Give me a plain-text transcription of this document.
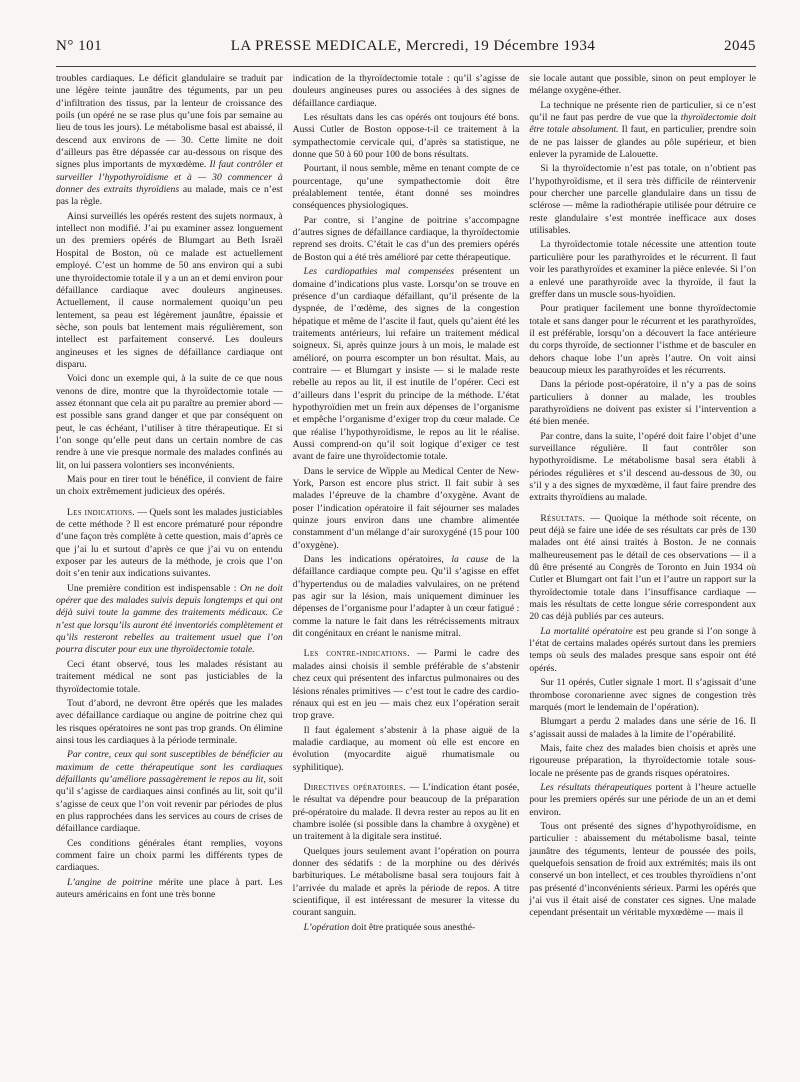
N° 101	LA PRESSE MEDICALE, Mercredi, 19 Décembre 1934	2045

troubles cardiaques. Le déficit glandulaire se traduit par une légère teinte jaunâtre des téguments, par un peu d’infiltration des tissus, par la lenteur de croissance des poils (un opéré ne se rase plus qu’une fois par semaine au lieu de tous les jours). Le métabolisme basal est abaissé, il descend aux environs de — 30. Cette limite ne doit d’ailleurs pas être dépassée car au-dessous on risque des signes plus importants de myxœdème. Il faut contrôler et surveiller l’hypothyroïdisme et à — 30 commencer à donner des extraits thyroïdiens au malade, mais ce n’est pas la règle.

Ainsi surveillés les opérés restent des sujets normaux, à intellect non modifié. J’ai pu examiner assez longuement un des premiers opérés de Blumgart au Beth Israël Hospital de Boston, où ce malade est actuellement employé. C’est un homme de 50 ans environ qui a subi une thyroïdectomie totale il y a un an et demi environ pour défaillance cardiaque avec douleurs angineuses. Actuellement, il cause normalement quoiqu’un peu lentement, sa peau est légèrement jaunâtre, épaissie et sèche, son pouls bat lentement mais régulièrement, son intellect est parfaitement conservé. Les douleurs angineuses et les signes de défaillance cardiaque ont disparu.

Voici donc un exemple qui, à la suite de ce que nous venons de dire, montre que la thyroïdectomie totale — assez étonnant que cela ait pu paraître au premier abord — est possible sans grand danger et que par conséquent on peut, le cas échéant, l’utiliser à titre thérapeutique. Et si l’on songe qu’elle peut dans un certain nombre de cas rendre à une vie presque normale des malades confinés au lit, on lui passera volontiers ses inconvénients.

Mais pour en tirer tout le bénéfice, il convient de faire un choix extrêmement judicieux des opérés.

Les indications. — Quels sont les malades justiciables de cette méthode ? Il est encore prématuré pour répondre d’une façon très complète à cette question, mais d’après ce que j’ai lu et surtout d’après ce que j’ai vu on entendu exposer par les auteurs de la méthode, je crois que l’on doit s’en tenir aux indications suivantes.

Une première condition est indispensable : On ne doit opérer que des malades suivis depuis longtemps et qui ont déjà suivi toute la gamme des traitements médicaux. Ce n’est que lorsqu’ils auront été inventoriés complètement et qu’ils resteront rebelles au traitement usuel que l’on pourra discuter pour eux une thyroïdectomie totale.

Ceci étant observé, tous les malades résistant au traitement médical ne sont pas justiciables de la thyroïdectomie totale.

Tout d’abord, ne devront être opérés que les malades avec défaillance cardiaque ou angine de poitrine chez qui les risques opératoires ne sont pas trop grands. On élimine ainsi tous les cardiaques à la période terminale.

Par contre, ceux qui sont susceptibles de bénéficier au maximum de cette thérapeutique sont les cardiaques défaillants qu’améliore passagèrement le repos au lit, soit qu’il s’agisse de cardiaques ainsi confinés au lit, soit qu’il s’agisse de ceux que l’on voit revenir par périodes de plus en plus rapprochées dans les services au cours de crises de défaillance cardiaque.

Ces conditions générales étant remplies, voyons comment faire un choix parmi les différents types de cardiaques.

L’angine de poitrine mérite une place à part. Les auteurs américains en font une très bonne

indication de la thyroïdectomie totale : qu’il s’agisse de douleurs angineuses pures ou associées à des signes de défaillance cardiaque.

Les résultats dans les cas opérés ont toujours été bons. Aussi Cutler de Boston oppose-t-il ce traitement à la sympathectomie cervicale qui, d’après sa statistique, ne donne que 50 à 60 pour 100 de bons résultats.

Pourtant, il nous semble, même en tenant compte de ce pourcentage, qu’une sympathectomie doit être préalablement tentée, étant donné ses moindres conséquences physiologiques.

Par contre, si l’angine de poitrine s’accompagne d’autres signes de défaillance cardiaque, la thyroïdectomie reprend ses droits. C’était le cas d’un des premiers opérés de Boston qui a été très amélioré par cette thérapeutique.

Les cardiopathies mal compensées présentent un domaine d’indications plus vaste. Lorsqu’on se trouve en présence d’un cardiaque défaillant, qu’il présente de la dyspnée, de l’œdème, des signes de la congestion hépatique et même de l’ascite il faut, quels qu’aient été les traitements antérieurs, lui refaire un traitement médical soigneux. Si, après quinze jours à un mois, le malade est amélioré, on pourra escompter un bon résultat. Mais, au contraire — et Blumgart y insiste — si le malade reste rebelle au repos au lit, il est inutile de l’opérer. Ceci est d’ailleurs dans l’esprit du principe de la méthode. L’état hypothyroïdien met un frein aux dépenses de l’organisme et empêche l’organisme d’exiger trop du cœur malade. Ce que réalise l’hypothyroïdisme, le repos au lit le réalise. Aussi comprend-on qu’il soit logique d’exiger ce test avant de faire une thyroïdectomie totale.

Dans le service de Wipple au Medical Center de New-York, Parson est encore plus strict. Il fait subir à ses malades l’épreuve de la chambre d’oxygène. Avant de poser l’indication opératoire il fait séjourner ses malades quinze jours environ dans une chambre alimentée constamment d’un mélange d’air suroxygéné (15 pour 100 d’oxygène).

Dans les indications opératoires, la cause de la défaillance cardiaque compte peu. Qu’il s’agisse en effet d’hypertendus ou de maladies valvulaires, on ne prétend pas agir sur la lésion, mais uniquement diminuer les dépenses de l’organisme pour l’adapter à un cœur fatigué : comme la nature le fait dans les rétrécissements mitraux dit congénitaux en créant le nanisme mitral.

Les contre-indications. — Parmi le cadre des malades ainsi choisis il semble préférable de s’abstenir chez ceux qui présentent des infarctus pulmonaires ou des lésions rénales primitives — c’est tout le cadre des cardio-rénaux qui est en jeu — mais chez eux l’opération serait trop grave.

Il faut également s’abstenir à la phase aiguë de la maladie cardiaque, au moment où elle est encore en évolution (myocardite aiguë rhumatismale ou syphilitique).

Directives opératoires. — L’indication étant posée, le résultat va dépendre pour beaucoup de la préparation pré-opératoire du malade. Il devra rester au repos au lit en chambre isolée (si possible dans la chambre à oxygène) et un traitement à la digitale sera institué.

Quelques jours seulement avant l’opération on pourra donner des sédatifs : de la morphine ou des dérivés barbituriques. Le métabolisme basal sera toujours fait à l’arrivée du malade et après la période de repos. A titre scientifique, il est intéressant de mesurer la vitesse du courant sanguin.

L’opération doit être pratiquée sous anesthé-

sie locale autant que possible, sinon on peut employer le mélange oxygène-éther.

La technique ne présente rien de particulier, si ce n’est qu’il ne faut pas perdre de vue que la thyroïdectomie doit être totale absolument. Il faut, en particulier, prendre soin de ne pas laisser de glandes au pôle supérieur, et bien enlever la pyramide de Lalouette.

Si la thyroïdectomie n’est pas totale, on n’obtient pas l’hypothyroïdisme, et il sera très difficile de réintervenir pour chercher une parcelle glandulaire dans un tissu de sclérose — même la radiothérapie utilisée pour détruire ce reste glandulaire s’est montrée inefficace aux doses utilisables.

La thyroïdectomie totale nécessite une attention toute particulière pour les parathyroïdes et le récurrent. Il faut voir les parathyroïdes et examiner la pièce enlevée. Si l’on a enlevé une parathyroïde avec la thyroïde, il faut la greffer dans un muscle sous-hyoïdien.

Pour pratiquer facilement une bonne thyroïdectomie totale et sans danger pour le récurrent et les parathyroïdes, il est préférable, lorsqu’on a découvert la face antérieure du corps thyroïde, de sectionner l’isthme et de basculer en dehors chaque lobe l’un après l’autre. On voit ainsi beaucoup mieux les parathyroïdes et les récurrents.

Dans la période post-opératoire, il n’y a pas de soins particuliers à donner au malade, les troubles parathyroïdiens ne doivent pas exister si l’intervention a été bien menée.

Par contre, dans la suite, l’opéré doit faire l’objet d’une surveillance régulière. Il faut contrôler son hypothyroïdisme. Le métabolisme basal sera établi à périodes régulières et s’il descend au-dessous de 30, ou s’il y a des signes de myxœdème, il faut faire prendre des extraits thyroïdiens au malade.

Résultats. — Quoique la méthode soit récente, on peut déjà se faire une idée de ses résultats car près de 130 malades ont été ainsi traités à Boston. Je ne connais malheureusement pas le détail de ces observations — il a dû être présenté au Congrès de Toronto en Juin 1934 où Cutler et Blumgart ont fait l’un et l’autre un rapport sur la thyroïdectomie totale dans l’insuffisance cardiaque — mais les résultats de cette longue série correspondent aux 20 cas déjà publiés par ces auteurs.

La mortalité opératoire est peu grande si l’on songe à l’état de certains malades opérés surtout dans les premiers temps où seuls des malades presque sans espoir ont été opérés.

Sur 11 opérés, Cutler signale 1 mort. Il s’agissait d’une thrombose coronarienne avec signes de congestion très marqués (mort le lendemain de l’opération).

Blumgart a perdu 2 malades dans une série de 16. Il s’agissait aussi de malades à la limite de l’opérabilité.

Mais, faite chez des malades bien choisis et après une rigoureuse préparation, la thyroïdectomie totale sous-locale ne présente pas de grands risques opératoires.

Les résultats thérapeutiques portent à l’heure actuelle pour les premiers opérés sur une période de un an et demi environ.

Tous ont présenté des signes d’hypothyroïdisme, en particulier : abaissement du métabolisme basal, teinte jaunâtre des téguments, lenteur de poussée des poils, quelquefois sensation de froid aux extrémités; mais ils ont conservé un bon intellect, et ces troubles thyroïdiens n’ont pas présenté d’inconvénients sérieux. Parmi les opérés que j’ai vus il était aisé de constater ces signes. Une malade cependant présentait un véritable myxœdème — mais il
